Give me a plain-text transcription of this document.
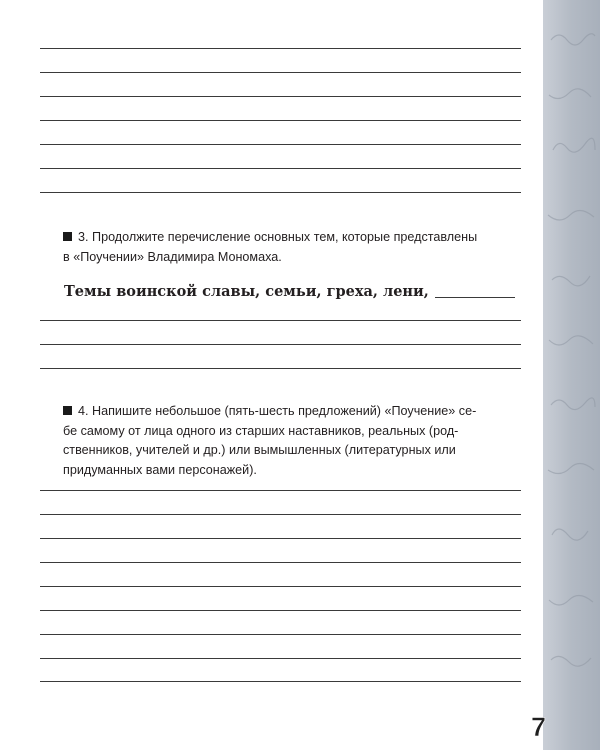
3. Продолжите перечисление основных тем, которые представлены

в «Поучении» Владимира Мономаха.

Темы воинской славы, семьи, греха, лени,

4. Напишите небольшое (пять-шесть предложений) «Поучение» се-

бе самому от лица одного из старших наставников, реальных (род-

ственников, учителей и др.) или вымышленных (литературных или

придуманных вами персонажей).

7
